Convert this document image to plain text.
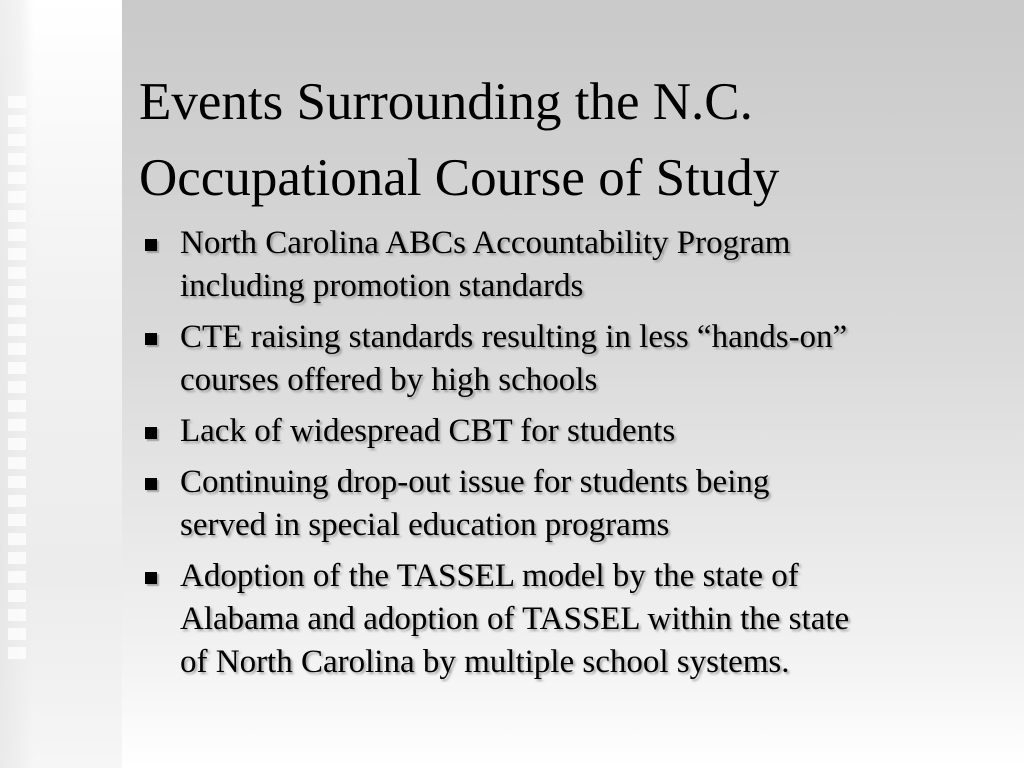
Events Surrounding the N.C.
Occupational Course of Study
North Carolina ABCs Accountability Program
including promotion standards
CTE raising standards resulting in less “hands-on”
courses offered by high schools
Lack of widespread CBT for students
Continuing drop-out issue for students being
served in special education programs
Adoption of the TASSEL model by the state of
Alabama and adoption of TASSEL within the state
of North Carolina by multiple school systems.
